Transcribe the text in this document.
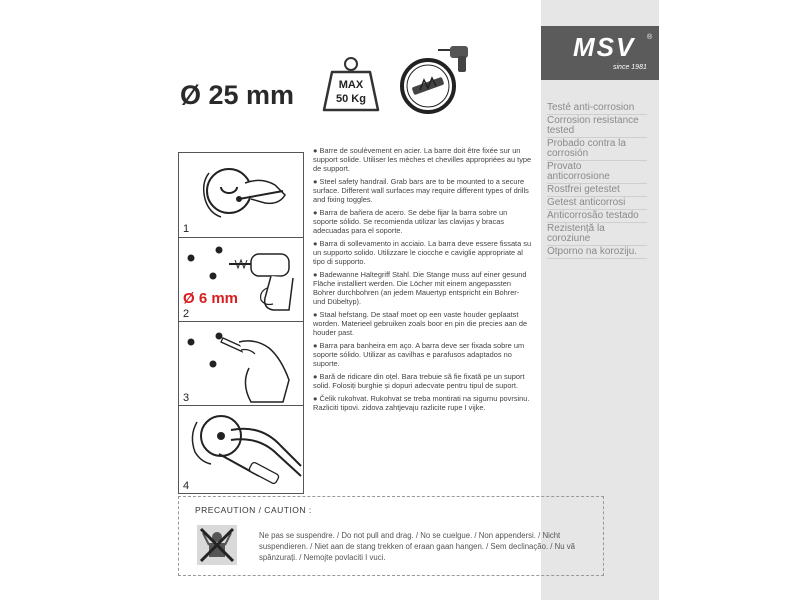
MSV ®
since 1981
Testé anti-corrosion
Corrosion resistance tested
Probado contra la corrosión
Provato anticorrosione
Rostfrei getestet
Getest anticorrosi
Anticorrosão testado
Rezistență la coroziune
Otporno na koroziju.
Ø 25 mm	MAX
50 Kg
1
Ø 6 mm
2
3
4
● Barre de soulèvement en acier. La barre doit être fixée sur un support solide. Utiliser les mèches et chevilles appropriées au type de support.
● Steel safety handrail. Grab bars are to be mounted to a secure surface. Different wall surfaces may require different types of drills and fixing toggles.
● Barra de bañera de acero. Se debe fijar la barra sobre un soporte sólido. Se recomienda utilizar las clavijas y bracas adecuadas para el soporte.
● Barra di sollevamento in acciaio. La barra deve essere fissata su un supporto solido. Utilizzare le ciocche e caviglie appropriate al tipo di supporto.
● Badewanne Haltegriff Stahl. Die Stange muss auf einer gesund Fläche installiert werden. Die Löcher mit einem angepassten Bohrer durchbohren (an jedem Mauertyp entspricht ein Bohrer- und Dübeltyp).
● Staal hefstang. De staaf moet op een vaste houder geplaatst worden. Materieel gebruiken zoals boor en pin die precies aan de houder past.
● Barra para banheira em aço. A barra deve ser fixada sobre um soporte sólido. Utilizar as cavilhas e parafusos adaptados no suporte.
● Bară de ridicare din oțel. Bara trebuie să fie fixată pe un suport solid. Folosiți burghie și dopuri adecvate pentru tipul de suport.
● Čelik rukohvat. Rukohvat se treba montirati na sigurnu povrsinu. Razliciti tipovi. zidova zahtjevaju razlicite rupe I vijke.
PRECAUTION / CAUTION :
Ne pas se suspendre. / Do not pull and drag. / No se cuelgue. / Non appendersi. / Nicht suspendieren. / Niet aan de stang trekken of eraan gaan hangen. / Sem declinação. / Nu vă spânzurați. / Nemojte povlaciti I vuci.
